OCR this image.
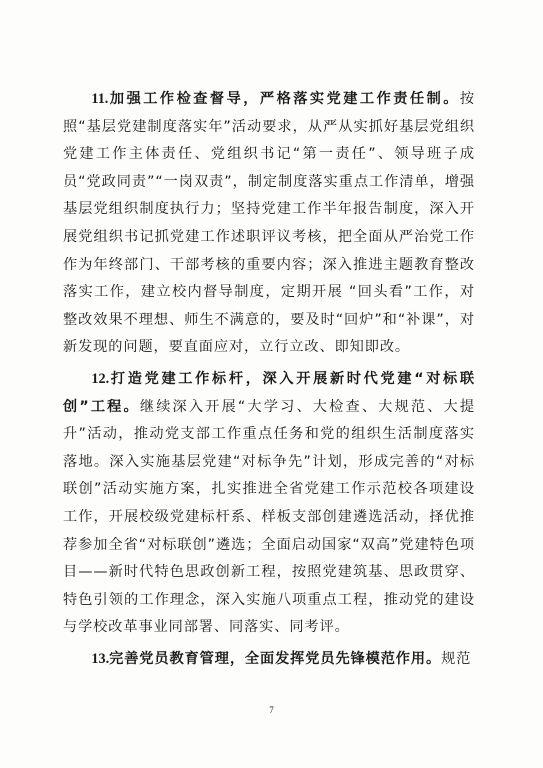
11.加强工作检查督导，严格落实党建工作责任制。按照“基层党建制度落实年”活动要求，从严从实抓好基层党组织党建工作主体责任、党组织书记“第一责任”、领导班子成员“党政同责”“一岗双责”，制定制度落实重点工作清单，增强基层党组织制度执行力；坚持党建工作半年报告制度，深入开展党组织书记抓党建工作述职评议考核，把全面从严治党工作作为年终部门、干部考核的重要内容；深入推进主题教育整改落实工作，建立校内督导制度，定期开展 “回头看”工作，对整改效果不理想、师生不满意的，要及时“回炉”和“补课”，对新发现的问题，要直面应对，立行立改、即知即改。

12.打造党建工作标杆，深入开展新时代党建“对标联创”工程。继续深入开展“大学习、大检查、大规范、大提升”活动，推动党支部工作重点任务和党的组织生活制度落实落地。深入实施基层党建“对标争先”计划，形成完善的“对标联创”活动实施方案，扎实推进全省党建工作示范校各项建设工作，开展校级党建标杆系、样板支部创建遴选活动，择优推荐参加全省“对标联创”遴选；全面启动国家“双高”党建特色项目——新时代特色思政创新工程，按照党建筑基、思政贯穿、特色引领的工作理念，深入实施八项重点工程，推动党的建设与学校改革事业同部署、同落实、同考评。

13.完善党员教育管理，全面发挥党员先锋模范作用。规范

7
